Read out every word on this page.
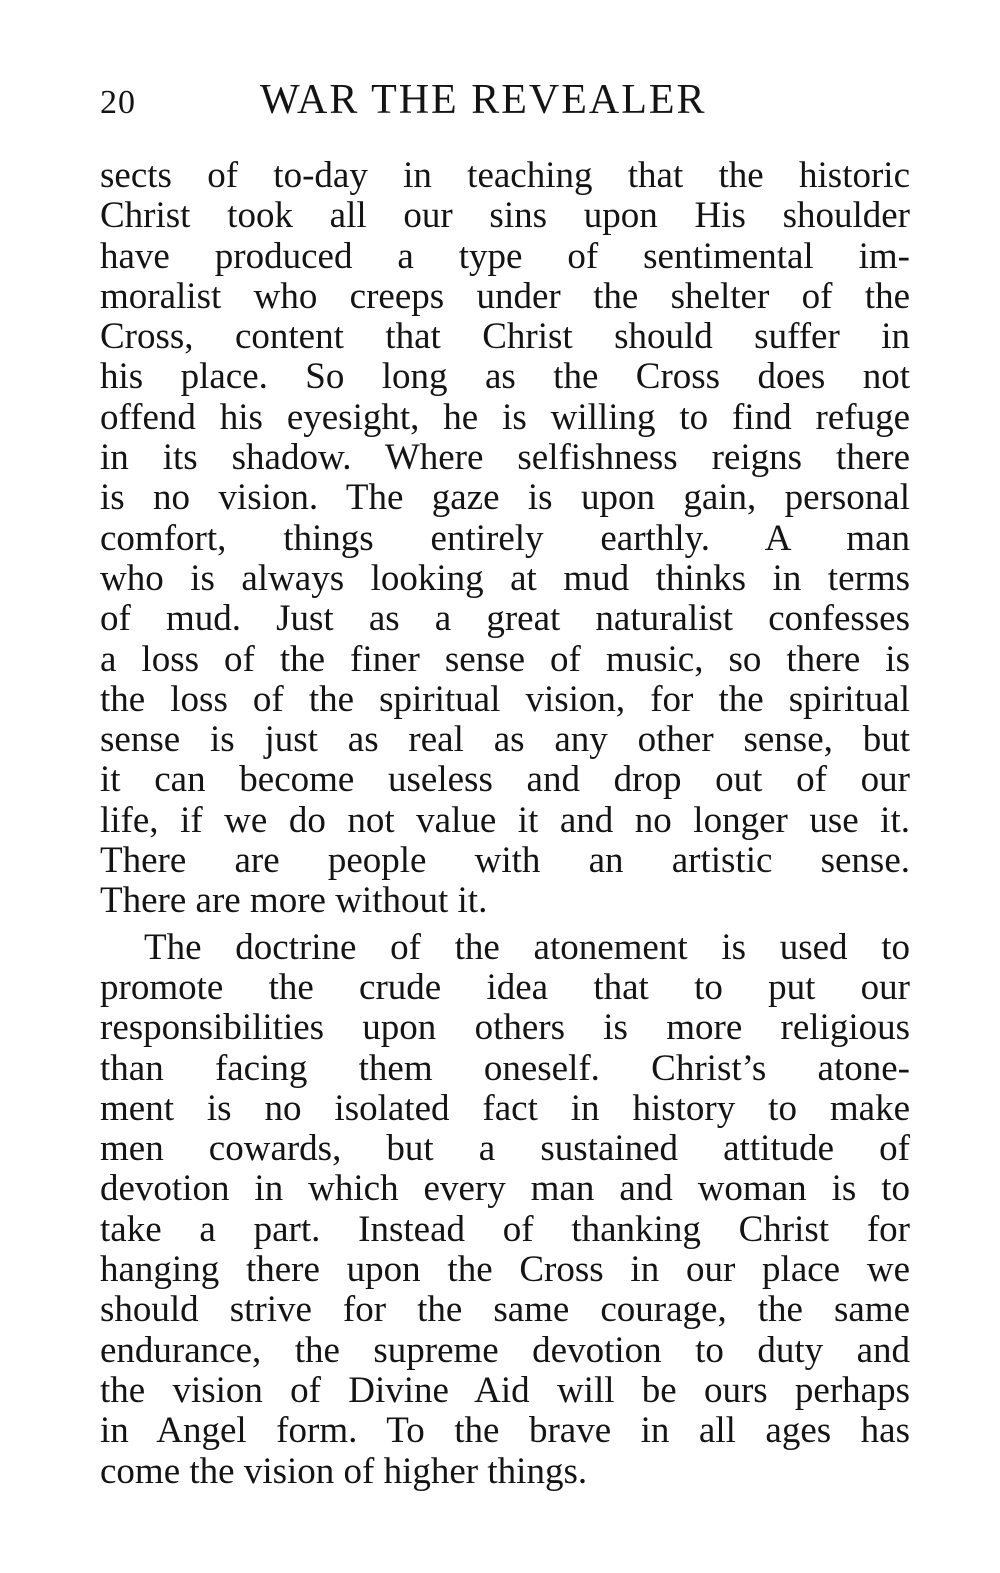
20	WAR THE REVEALER
sects of to-day in teaching that the historic
Christ took all our sins upon His shoulder
have produced a type of sentimental im-
moralist who creeps under the shelter of the
Cross, content that Christ should suffer in
his place. So long as the Cross does not
offend his eyesight, he is willing to find refuge
in its shadow. Where selfishness reigns there
is no vision. The gaze is upon gain, personal
comfort, things entirely earthly. A man
who is always looking at mud thinks in terms
of mud. Just as a great naturalist confesses
a loss of the finer sense of music, so there is
the loss of the spiritual vision, for the spiritual
sense is just as real as any other sense, but
it can become useless and drop out of our
life, if we do not value it and no longer use it.
There are people with an artistic sense.
There are more without it.
The doctrine of the atonement is used to
promote the crude idea that to put our
responsibilities upon others is more religious
than facing them oneself. Christ’s atone-
ment is no isolated fact in history to make
men cowards, but a sustained attitude of
devotion in which every man and woman is to
take a part. Instead of thanking Christ for
hanging there upon the Cross in our place we
should strive for the same courage, the same
endurance, the supreme devotion to duty and
the vision of Divine Aid will be ours perhaps
in Angel form. To the brave in all ages has
come the vision of higher things.
